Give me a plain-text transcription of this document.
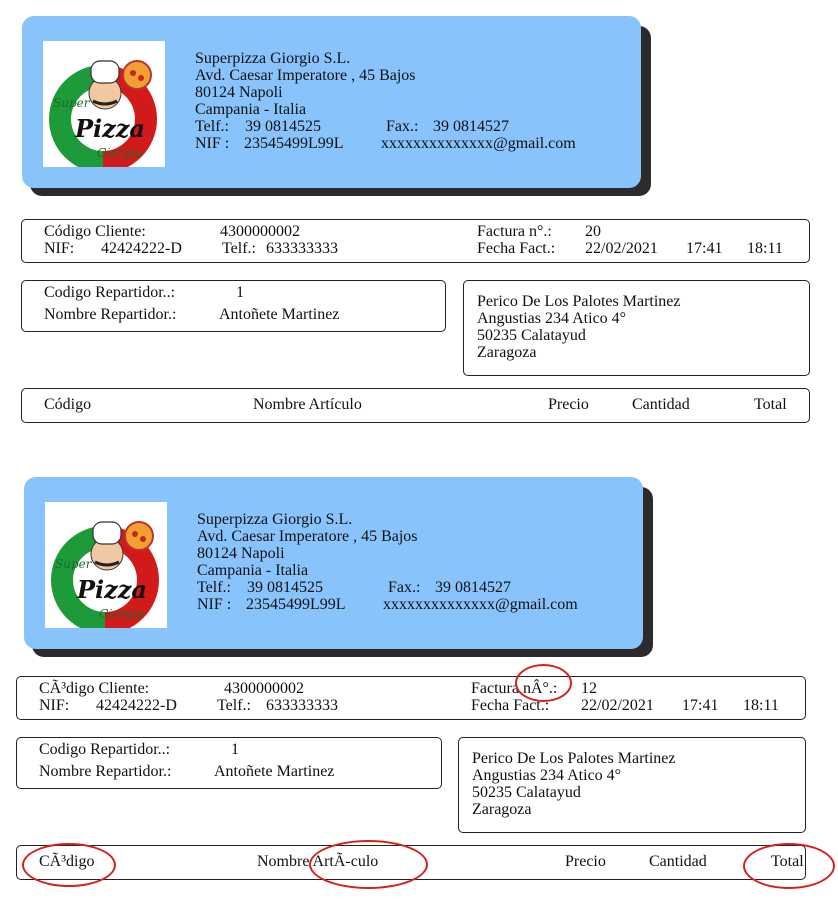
Super
Pizza
Giorgio
Superpizza Giorgio S.L.
Avd. Caesar Imperatore , 45 Bajos
80124 Napoli
Campania - Italia
Telf.: 39 0814525	Fax.: 39 0814527
NIF : 23545499L99L xxxxxxxxxxxxxx@gmail.com
Código Cliente:	4300000002
NIF: 42424222-D	Telf.: 633333333
Factura n°.: 20
Fecha Fact.: 22/02/2021 17:41 18:11
Codigo Repartidor..:	1
Nombre Repartidor.:	Antoñete Martinez
Perico De Los Palotes Martinez
Angustias 234 Atico 4°
50235 Calatayud
Zaragoza
Código	Nombre Artículo	Precio	Cantidad	Total
Super
Pizza
Giorgio
Superpizza Giorgio S.L.
Avd. Caesar Imperatore , 45 Bajos
80124 Napoli
Campania - Italia
Telf.: 39 0814525	Fax.: 39 0814527
NIF : 23545499L99L xxxxxxxxxxxxxx@gmail.com
CÃ³digo Cliente:	4300000002
NIF: 42424222-D	Telf.: 633333333
Factura nÂ°.: 12
Fecha Fact.: 22/02/2021 17:41 18:11
Codigo Repartidor..:	1
Nombre Repartidor.:	Antoñete Martinez
Perico De Los Palotes Martinez
Angustias 234 Atico 4°
50235 Calatayud
Zaragoza
CÃ³digo	Nombre ArtÃ-culo	Precio	Cantidad	Total
